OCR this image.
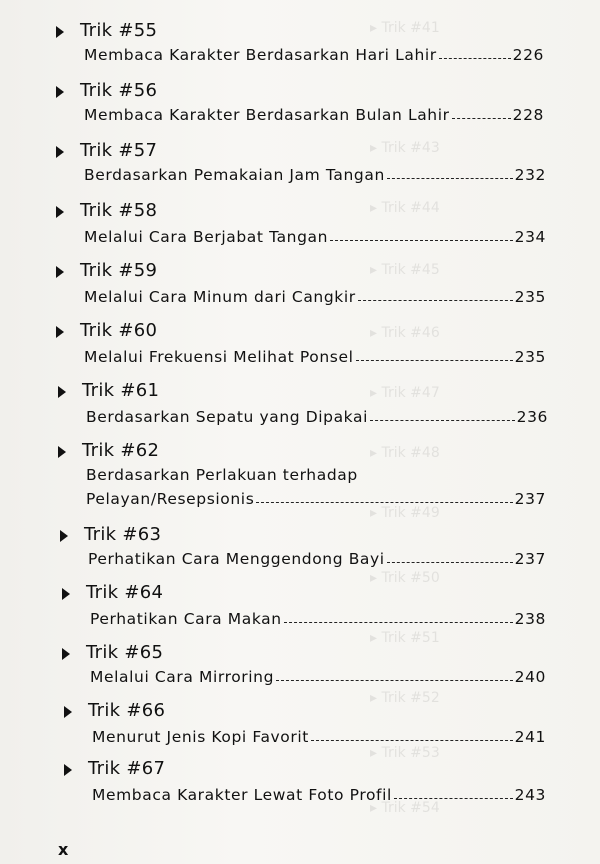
▸ Trik #41
▸ Trik #43
▸ Trik #44
▸ Trik #45
▸ Trik #46
▸ Trik #47
▸ Trik #48
▸ Trik #49
▸ Trik #50
▸ Trik #51
▸ Trik #52
▸ Trik #53
▸ Trik #54
Trik #55
Membaca Karakter Berdasarkan Hari Lahir	226
Trik #56
Membaca Karakter Berdasarkan Bulan Lahir	228
Trik #57
Berdasarkan Pemakaian Jam Tangan	232
Trik #58
Melalui Cara Berjabat Tangan	234
Trik #59
Melalui Cara Minum dari Cangkir	235
Trik #60
Melalui Frekuensi Melihat Ponsel	235
Trik #61
Berdasarkan Sepatu yang Dipakai	236
Trik #62
Berdasarkan Perlakuan terhadap
Pelayan/Resepsionis	237
Trik #63
Perhatikan Cara Menggendong Bayi	237
Trik #64
Perhatikan Cara Makan	238
Trik #65
Melalui Cara Mirroring	240
Trik #66
Menurut Jenis Kopi Favorit	241
Trik #67
Membaca Karakter Lewat Foto Profil	243
x
